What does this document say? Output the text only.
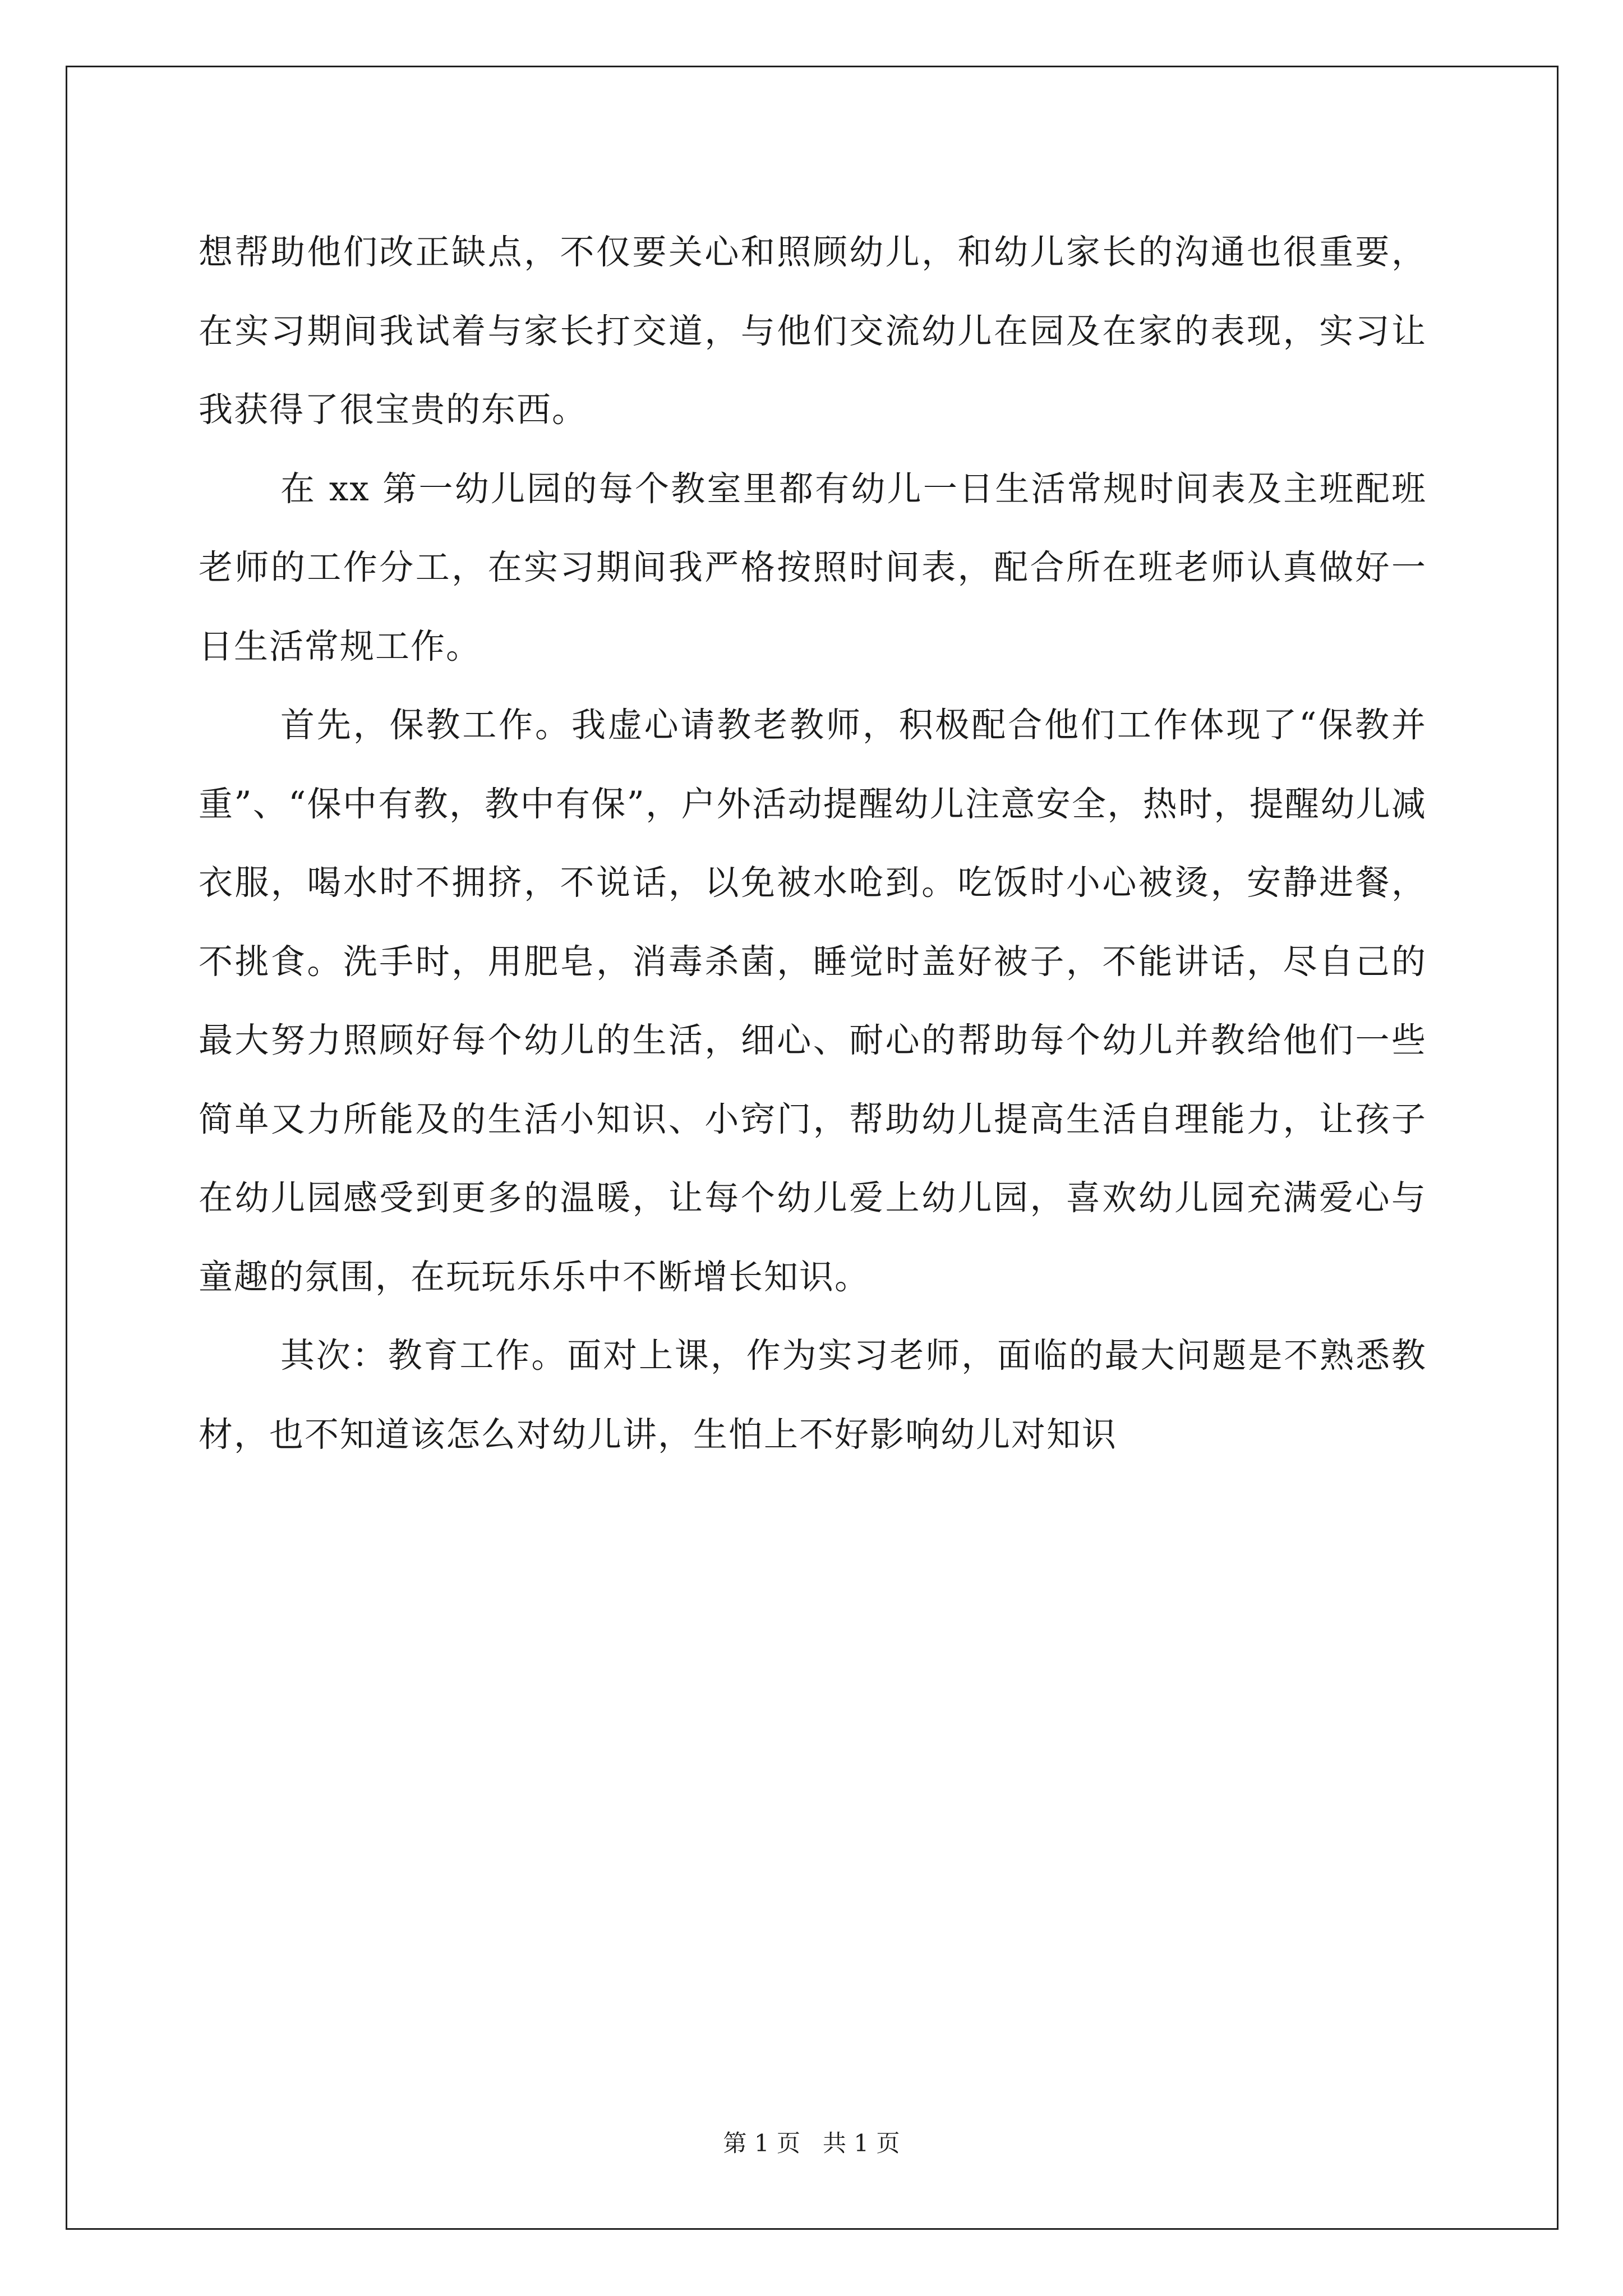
想帮助他们改正缺点，不仅要关心和照顾幼儿，和幼儿家长的沟通也很重要，在实习期间我试着与家长打交道，与他们交流幼儿在园及在家的表现，实习让我获得了很宝贵的东西。

在 xx 第一幼儿园的每个教室里都有幼儿一日生活常规时间表及主班配班老师的工作分工，在实习期间我严格按照时间表，配合所在班老师认真做好一日生活常规工作。

首先，保教工作。我虚心请教老教师，积极配合他们工作体现了“保教并重”、“保中有教，教中有保”，户外活动提醒幼儿注意安全，热时，提醒幼儿减衣服，喝水时不拥挤，不说话，以免被水呛到。吃饭时小心被烫，安静进餐，不挑食。洗手时，用肥皂，消毒杀菌，睡觉时盖好被子，不能讲话，尽自己的最大努力照顾好每个幼儿的生活，细心、耐心的帮助每个幼儿并教给他们一些简单又力所能及的生活小知识、小窍门，帮助幼儿提高生活自理能力，让孩子在幼儿园感受到更多的温暖，让每个幼儿爱上幼儿园，喜欢幼儿园充满爱心与童趣的氛围，在玩玩乐乐中不断增长知识。

其次：教育工作。面对上课，作为实习老师，面临的最大问题是不熟悉教材，也不知道该怎么对幼儿讲，生怕上不好影响幼儿对知识

第 1 页 共 1 页
